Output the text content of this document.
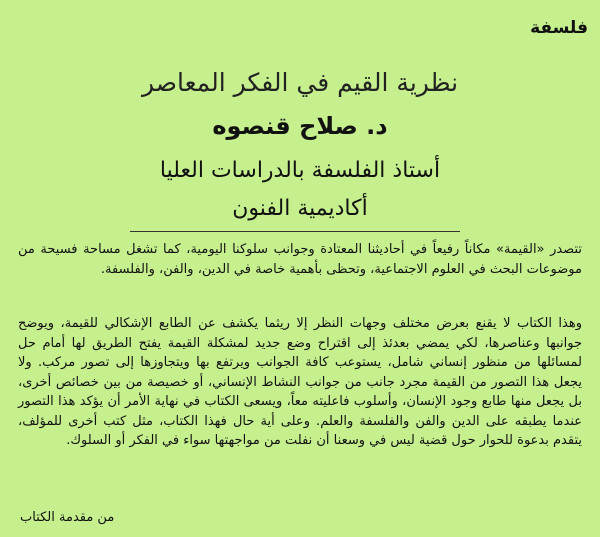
فلسفة
نظرية القيم في الفكر المعاصر
د. صلاح قنصوه
أستاذ الفلسفة بالدراسات العليا
أكاديمية الفنون

تتصدر «القيمة» مكاناً رفيعاً في أحاديثنا المعتادة وجوانب سلوكنا اليومية، كما تشغل مساحة فسيحة من موضوعات البحث في العلوم الاجتماعية، وتحظى بأهمية خاصة في الدين، والفن، والفلسفة.

وهذا الكتاب لا يقنع بعرض مختلف وجهات النظر إلا ريثما يكشف عن الطابع الإشكالي للقيمة، ويوضح جوانبها وعناصرها، لكي يمضي بعدئذ إلى اقتراح وضع جديد لمشكلة القيمة يفتح الطريق لها أمام حل لمسائلها من منظور إنساني شامل، يستوعب كافة الجوانب ويرتفع بها ويتجاوزها إلى تصور مركب. ولا يجعل هذا التصور من القيمة مجرد جانب من جوانب النشاط الإنساني، أو خصيصة من بين خصائص أخرى، بل يجعل منها طابع وجود الإنسان، وأسلوب فاعليته معاً، ويسعى الكتاب في نهاية الأمر أن يؤكد هذا التصور عندما يطبقه على الدين والفن والفلسفة والعلم. وعلى أية حال فهذا الكتاب، مثل كتب أخرى للمؤلف، يتقدم بدعوة للحوار حول قضية ليس في وسعنا أن نفلت من مواجهتها سواء في الفكر أو السلوك.

من مقدمة الكتاب
